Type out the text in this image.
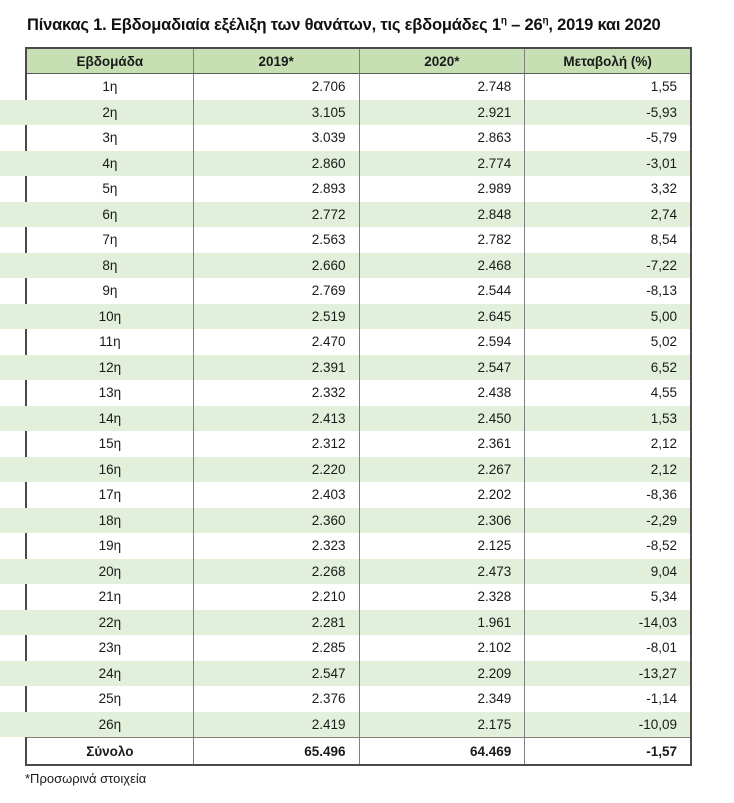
Πίνακας 1. Εβδομαδιαία εξέλιξη των θανάτων, τις εβδομάδες $1^\eta - 26^\eta$, 2019 και 2020
Εβδομάδα	2019*	2020*	Μεταβολή (%)
1η	2.706	2.748	1,55
2η	3.105	2.921	-5,93
3η	3.039	2.863	-5,79
4η	2.860	2.774	-3,01
5η	2.893	2.989	3,32
6η	2.772	2.848	2,74
7η	2.563	2.782	8,54
8η	2.660	2.468	-7,22
9η	2.769	2.544	-8,13
10η	2.519	2.645	5,00
11η	2.470	2.594	5,02
12η	2.391	2.547	6,52
13η	2.332	2.438	4,55
14η	2.413	2.450	1,53
15η	2.312	2.361	2,12
16η	2.220	2.267	2,12
17η	2.403	2.202	-8,36
18η	2.360	2.306	-2,29
19η	2.323	2.125	-8,52
20η	2.268	2.473	9,04
21η	2.210	2.328	5,34
22η	2.281	1.961	-14,03
23η	2.285	2.102	-8,01
24η	2.547	2.209	-13,27
25η	2.376	2.349	-1,14
26η	2.419	2.175	-10,09
Σύνολο	65.496	64.469	-1,57
*Προσωρινά στοιχεία
